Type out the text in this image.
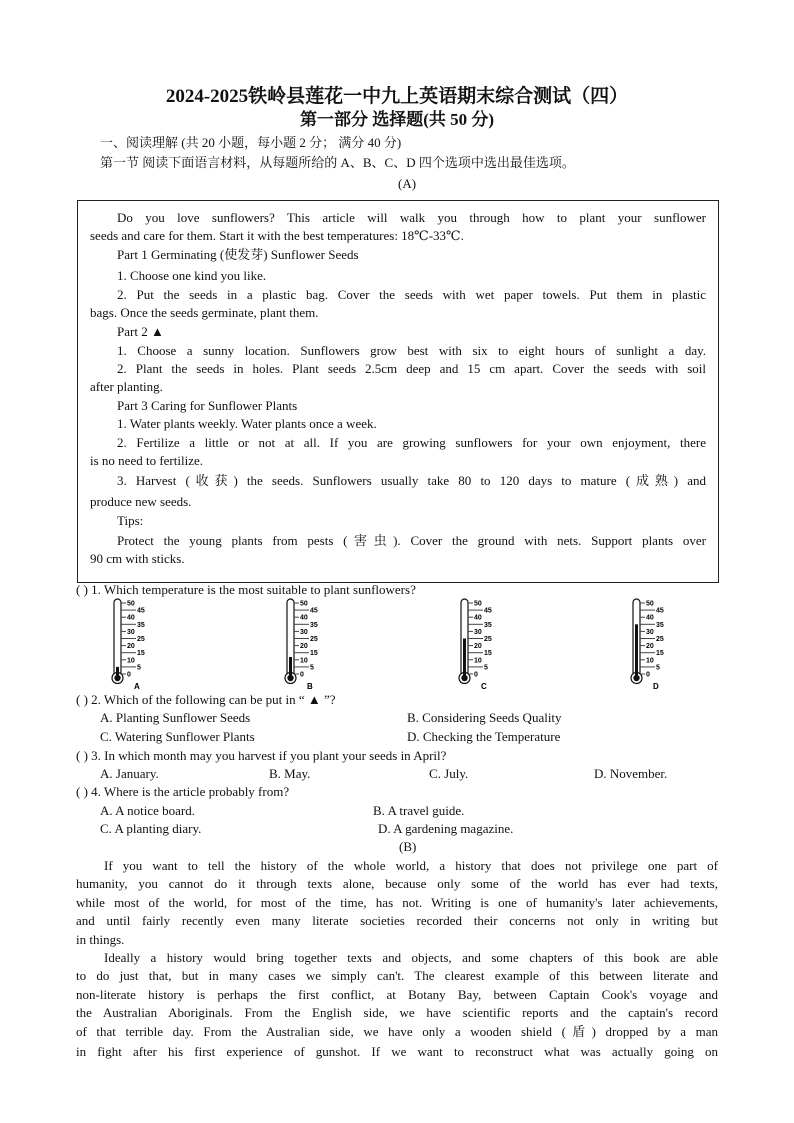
2024-2025铁岭县莲花一中九上英语期末综合测试（四）
第一部分 选择题(共 50 分)
一、阅读理解 (共 20 小题，每小题 2 分； 满分 40 分)
第一节 阅读下面语言材料，从每题所给的 A、B、C、D 四个选项中选出最佳选项。
(A)
Do you love sunflowers? This article will walk you through how to plant your sunflower
seeds and care for them. Start it with the best temperatures: 18℃-33℃.
Part 1 Germinating (使发芽) Sunflower Seeds
1. Choose one kind you like.
2. Put the seeds in a plastic bag. Cover the seeds with wet paper towels. Put them in plastic
bags. Once the seeds germinate, plant them.
Part 2 ▲
1. Choose a sunny location. Sunflowers grow best with six to eight hours of sunlight a day.
2. Plant the seeds in holes. Plant seeds 2.5cm deep and 15 cm apart. Cover the seeds with soil
after planting.
Part 3 Caring for Sunflower Plants
1. Water plants weekly. Water plants once a week.
2. Fertilize a little or not at all. If you are growing sunflowers for your own enjoyment, there
is no need to fertilize.
3. Harvest (收获) the seeds. Sunflowers usually take 80 to 120 days to mature (成熟) and
produce new seeds.
Tips:
Protect the young plants from pests (害虫). Cover the ground with nets. Support plants over
90 cm with sticks.
( ) 1. Which temperature is the most suitable to plant sunflowers?
50
45
40
35
30
25
20
15
10
5
0
A
50
45
40
35
30
25
20
15
10
5
0
B
50
45
40
35
30
25
20
15
10
5
0
C
50
45
40
35
30
25
20
15
10
5
0
D
( ) 2. Which of the following can be put in “ ▲ ”?
A. Planting Sunflower Seeds	B. Considering Seeds Quality
C. Watering Sunflower Plants	D. Checking the Temperature
( ) 3. In which month may you harvest if you plant your seeds in April?
A. January.	B. May.	C. July.	D. November.
( ) 4. Where is the article probably from?
A. A notice board.	B. A travel guide.
C. A planting diary.	D. A gardening magazine.
(B)
If you want to tell the history of the whole world, a history that does not privilege one part of
humanity, you cannot do it through texts alone, because only some of the world has ever had texts,
while most of the world, for most of the time, has not. Writing is one of humanity's later achievements,
and until fairly recently even many literate societies recorded their concerns not only in writing but
in things.
Ideally a history would bring together texts and objects, and some chapters of this book are able
to do just that, but in many cases we simply can't. The clearest example of this between literate and
non-literate history is perhaps the first conflict, at Botany Bay, between Captain Cook's voyage and
the Australian Aboriginals. From the English side, we have scientific reports and the captain's record
of that terrible day. From the Australian side, we have only a wooden shield (盾) dropped by a man
in fight after his first experience of gunshot. If we want to reconstruct what was actually going on
